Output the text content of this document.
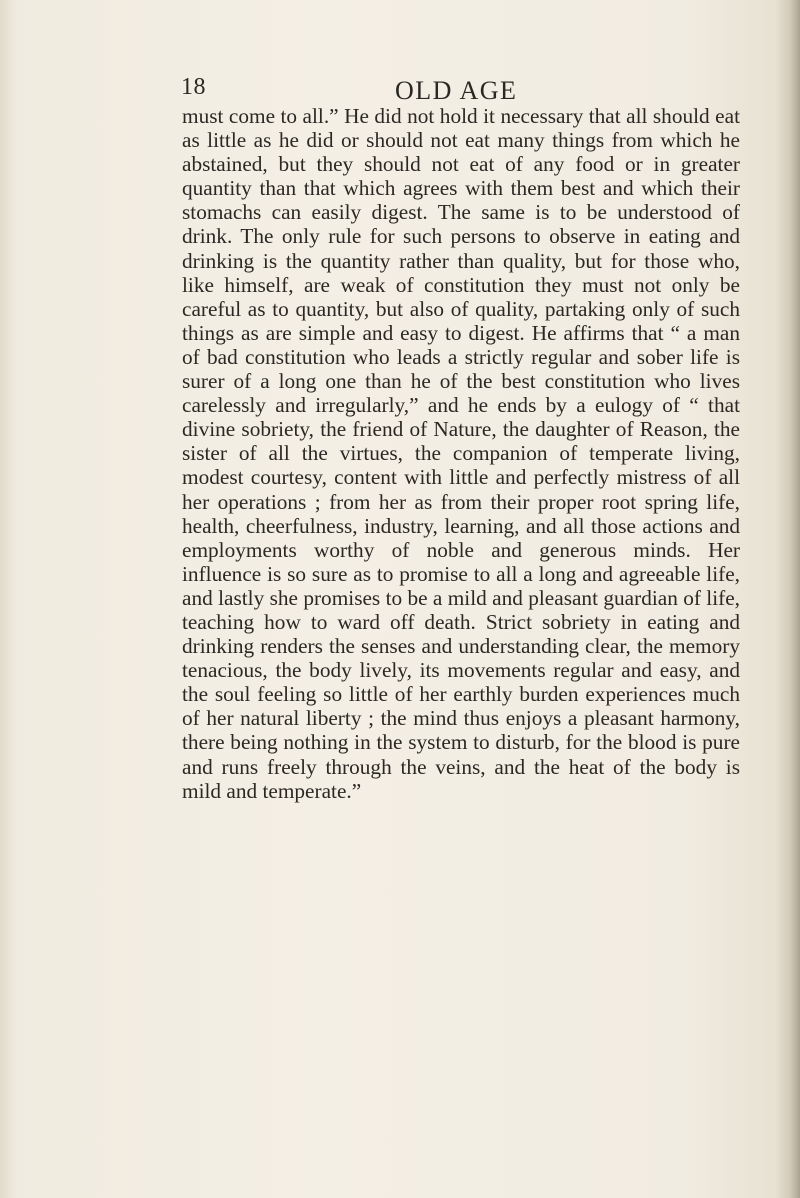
18	OLD AGE

must come to all.” He did not hold it necessary that all should eat as little as he did or should not eat many things from which he abstained, but they should not eat of any food or in greater quantity than that which agrees with them best and which their stomachs can easily digest. The same is to be understood of drink. The only rule for such persons to observe in eating and drinking is the quantity rather than quality, but for those who, like himself, are weak of constitution they must not only be careful as to quantity, but also of quality, partaking only of such things as are simple and easy to digest. He affirms that “ a man of bad constitution who leads a strictly regular and sober life is surer of a long one than he of the best constitution who lives carelessly and irregularly,” and he ends by a eulogy of “ that divine sobriety, the friend of Nature, the daughter of Reason, the sister of all the virtues, the companion of temperate living, modest courtesy, content with little and perfectly mistress of all her operations ; from her as from their proper root spring life, health, cheerfulness, industry, learning, and all those actions and employments worthy of noble and generous minds. Her influence is so sure as to promise to all a long and agreeable life, and lastly she promises to be a mild and pleasant guardian of life, teaching how to ward off death. Strict sobriety in eating and drinking renders the senses and understanding clear, the memory tenacious, the body lively, its movements regular and easy, and the soul feeling so little of her earthly burden experiences much of her natural liberty ; the mind thus enjoys a pleasant harmony, there being nothing in the system to disturb, for the blood is pure and runs freely through the veins, and the heat of the body is mild and temperate.”
